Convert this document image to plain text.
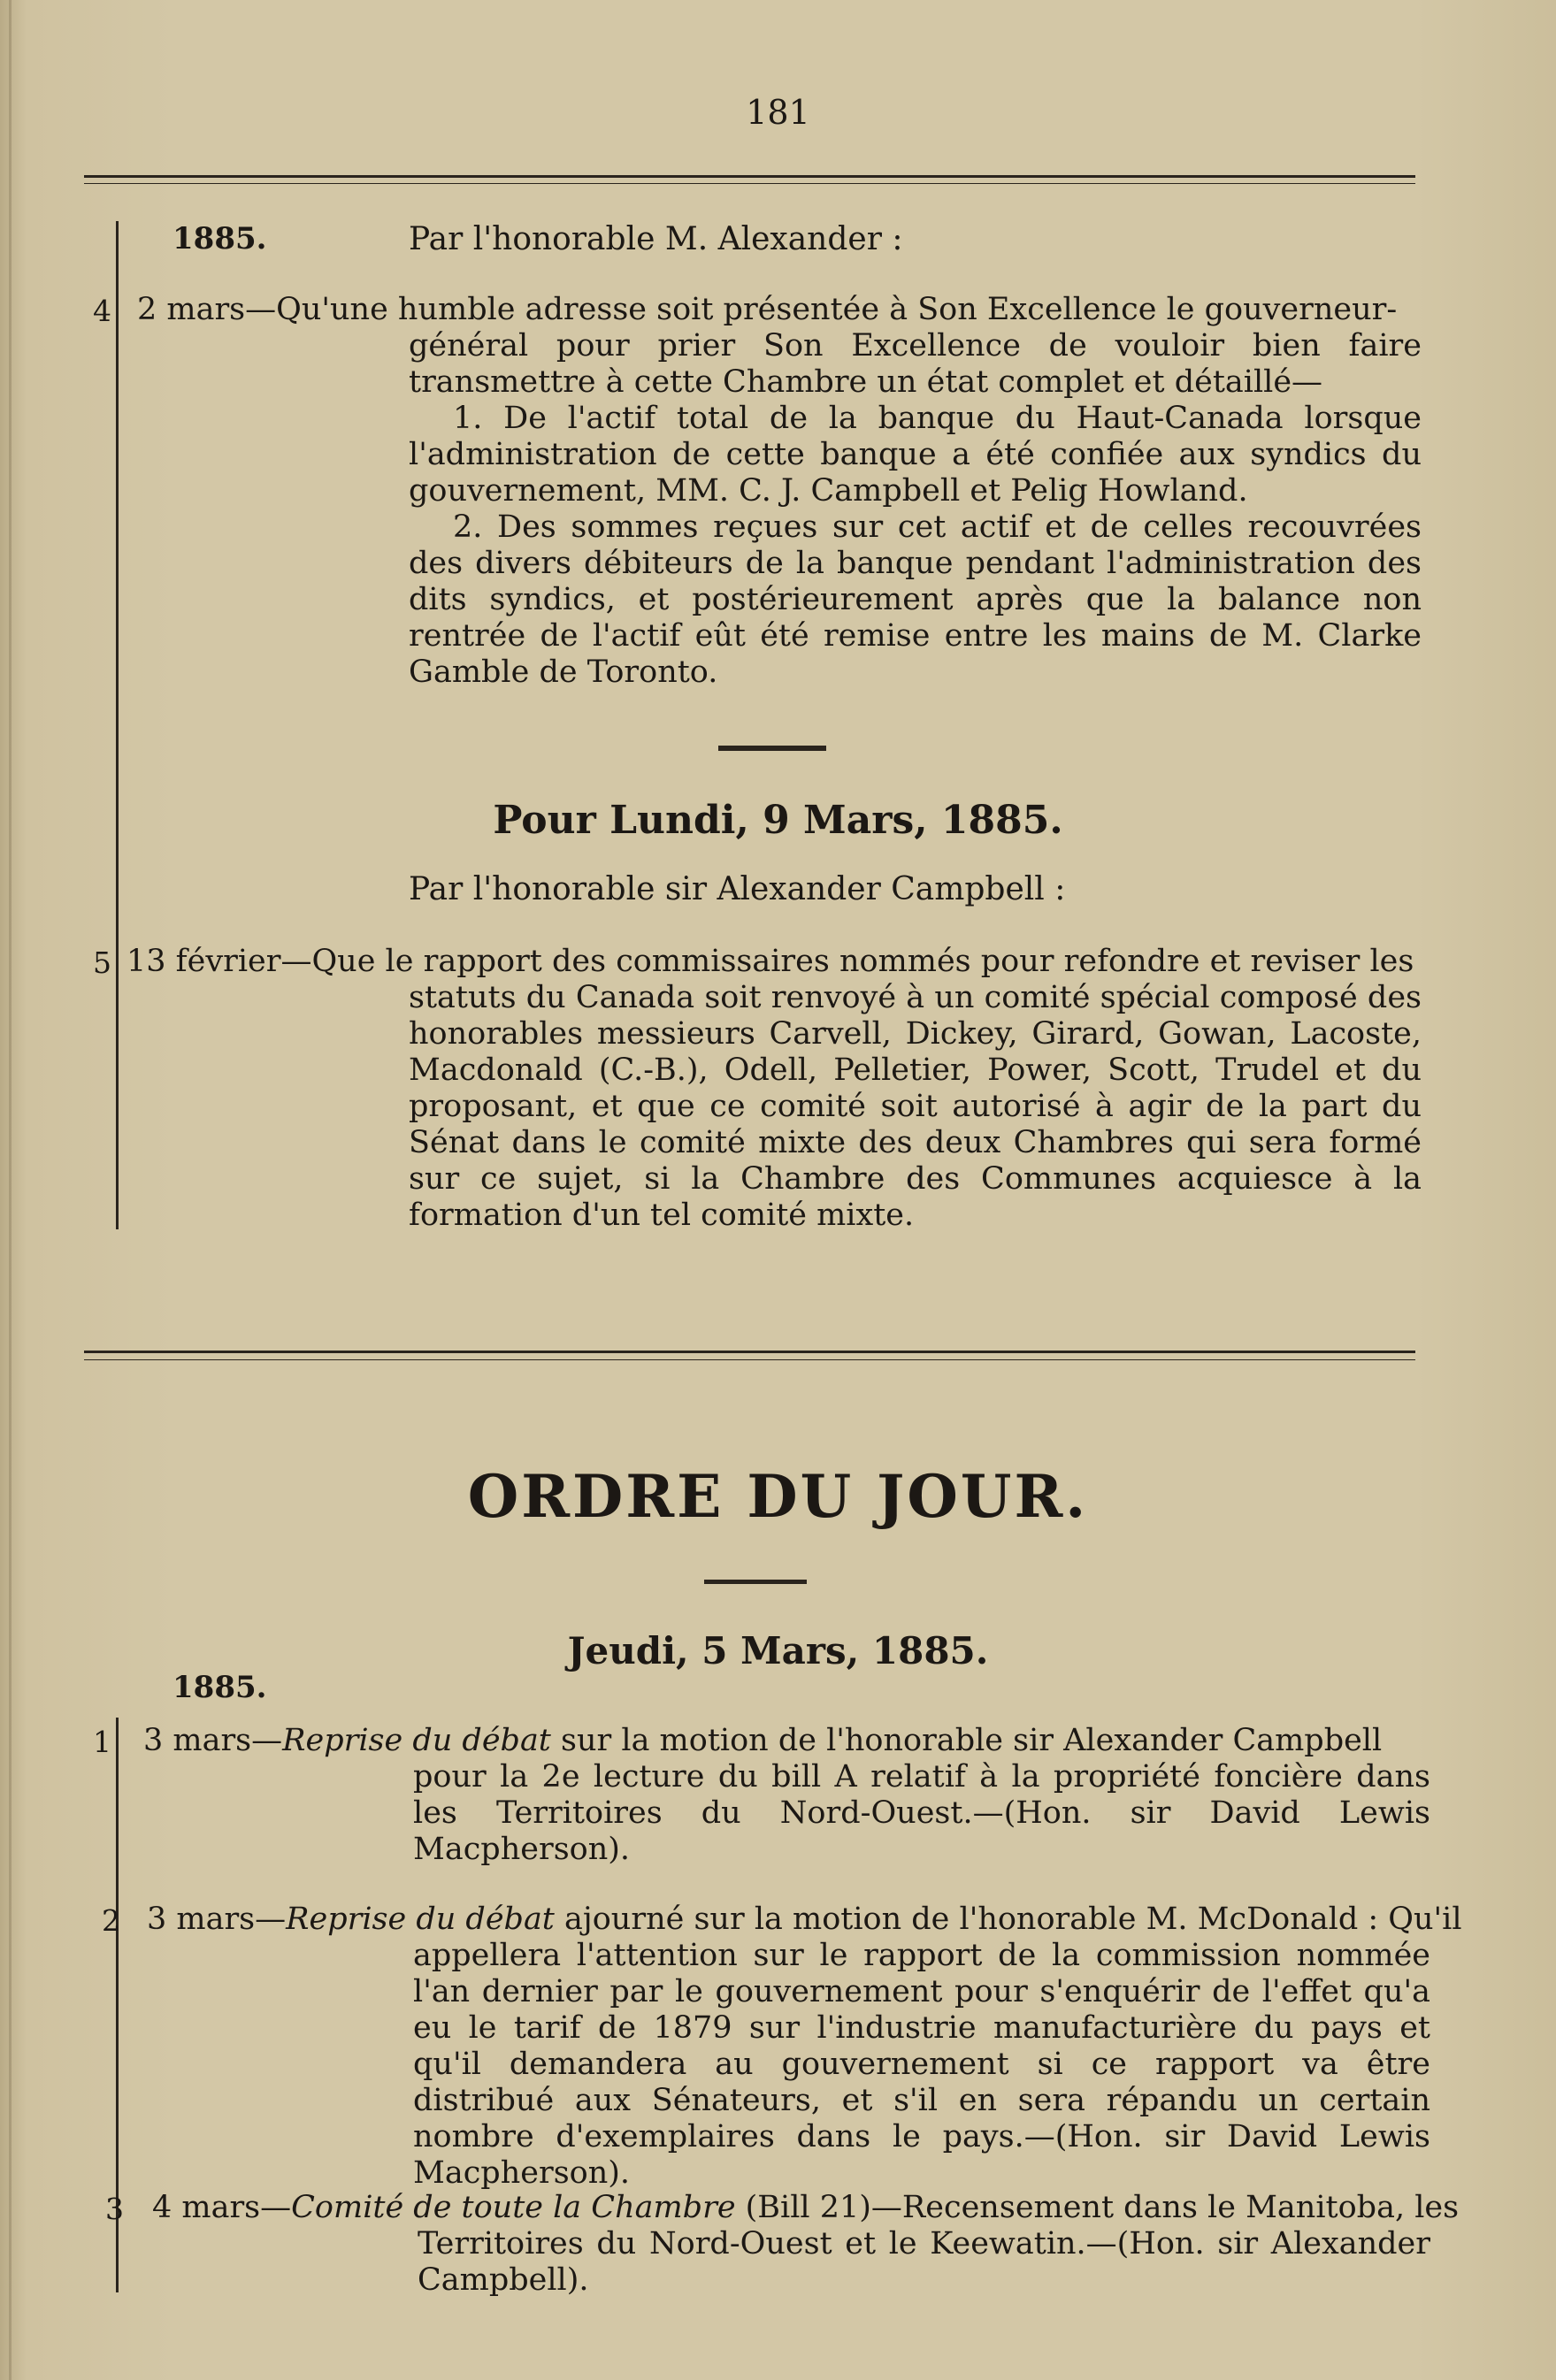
181
1885.	Par l'honorable M. Alexander :
4 2 mars—Qu'une humble adresse soit présentée à Son Excellence le gouverneur-
général pour prier Son Excellence de vouloir bien faire transmettre à cette Chambre un état complet et détaillé—
1. De l'actif total de la banque du Haut-Canada lorsque l'administration de cette banque a été confiée aux syndics du gouvernement, MM. C. J. Campbell et Pelig Howland.
2. Des sommes reçues sur cet actif et de celles recouvrées des divers débiteurs de la banque pendant l'administration des dits syndics, et postérieurement après que la balance non rentrée de l'actif eût été remise entre les mains de M. Clarke Gamble de Toronto.
Pour Lundi, 9 Mars, 1885.
Par l'honorable sir Alexander Campbell :
5 13 février—Que le rapport des commissaires nommés pour refondre et reviser les
statuts du Canada soit renvoyé à un comité spécial composé des honorables messieurs Carvell, Dickey, Girard, Gowan, Lacoste, Macdonald (C.-B.), Odell, Pelletier, Power, Scott, Trudel et du proposant, et que ce comité soit autorisé à agir de la part du Sénat dans le comité mixte des deux Chambres qui sera formé sur ce sujet, si la Chambre des Communes acquiesce à la formation d'un tel comité mixte.
ORDRE DU JOUR.
Jeudi, 5 Mars, 1885.
1885.
1 3 mars—Reprise du débat sur la motion de l'honorable sir Alexander Campbell
pour la 2e lecture du bill A relatif à la propriété foncière dans les Territoires du Nord-Ouest.—(Hon. sir David Lewis Macpherson).
2 3 mars—Reprise du débat ajourné sur la motion de l'honorable M. McDonald : Qu'il
appellera l'attention sur le rapport de la commission nommée l'an dernier par le gouvernement pour s'enquérir de l'effet qu'a eu le tarif de 1879 sur l'industrie manufacturière du pays et qu'il demandera au gouvernement si ce rapport va être distribué aux Sénateurs, et s'il en sera répandu un certain nombre d'exemplaires dans le pays.—(Hon. sir David Lewis Macpherson).
3 4 mars—Comité de toute la Chambre (Bill 21)—Recensement dans le Manitoba, les
Territoires du Nord-Ouest et le Keewatin.—(Hon. sir Alexander Campbell).
